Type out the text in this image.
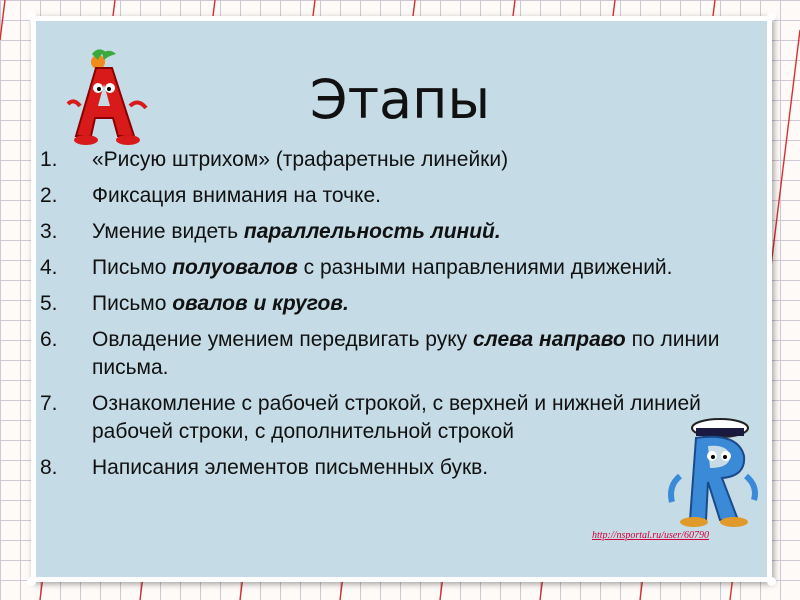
Этапы
1. «Рисую штрихом» (трафаретные линейки)
2. Фиксация внимания на точке.
3. Умение видеть параллельность линий.
4. Письмо полуовалов с разными направлениями движений.
5. Письмо овалов и кругов.
6. Овладение умением передвигать руку слева направо по линии письма.
7. Ознакомление с рабочей строкой, с верхней и нижней линией рабочей строки, с дополнительной строкой
8. Написания элементов письменных букв.
http://nsportal.ru/user/60790
